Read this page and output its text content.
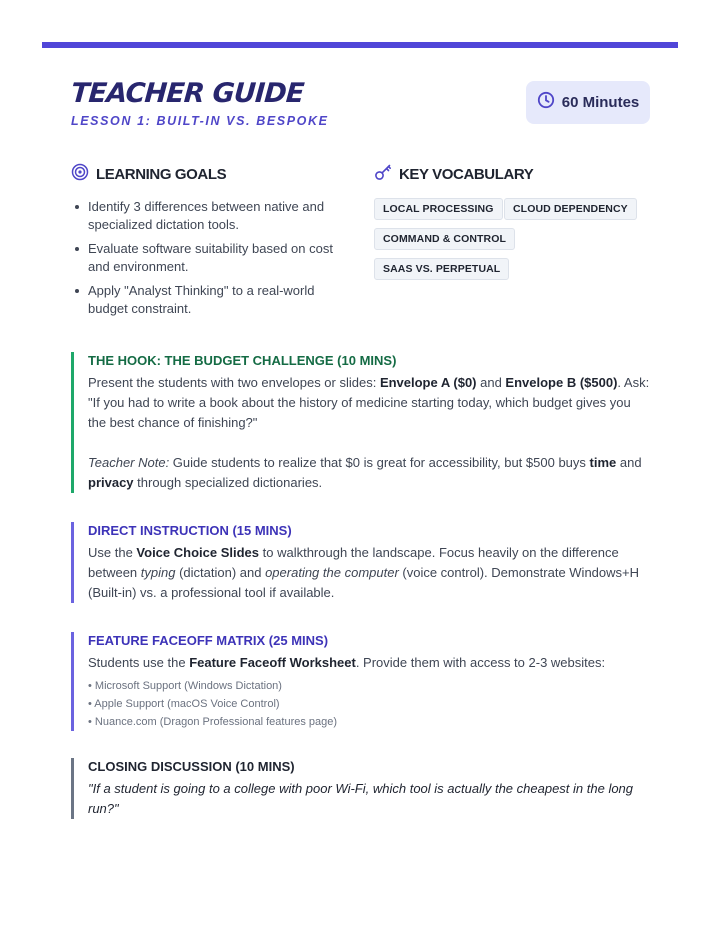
TEACHER GUIDE
LESSON 1: BUILT-IN VS. BESPOKE
60 Minutes
LEARNING GOALS
Identify 3 differences between native and specialized dictation tools.
Evaluate software suitability based on cost and environment.
Apply "Analyst Thinking" to a real-world budget constraint.
KEY VOCABULARY
LOCAL PROCESSING	CLOUD DEPENDENCY
COMMAND & CONTROL
SAAS VS. PERPETUAL
THE HOOK: THE BUDGET CHALLENGE (10 MINS)
Present the students with two envelopes or slides: Envelope A ($0) and Envelope B ($500). Ask: "If you had to write a book about the history of medicine starting today, which budget gives you the best chance of finishing?"
Teacher Note: Guide students to realize that $0 is great for accessibility, but $500 buys time and privacy through specialized dictionaries.
DIRECT INSTRUCTION (15 MINS)
Use the Voice Choice Slides to walkthrough the landscape. Focus heavily on the difference between typing (dictation) and operating the computer (voice control). Demonstrate Windows+H (Built-in) vs. a professional tool if available.
FEATURE FACEOFF MATRIX (25 MINS)
Students use the Feature Faceoff Worksheet. Provide them with access to 2-3 websites:
• Microsoft Support (Windows Dictation)
• Apple Support (macOS Voice Control)
• Nuance.com (Dragon Professional features page)
CLOSING DISCUSSION (10 MINS)
"If a student is going to a college with poor Wi-Fi, which tool is actually the cheapest in the long run?"
